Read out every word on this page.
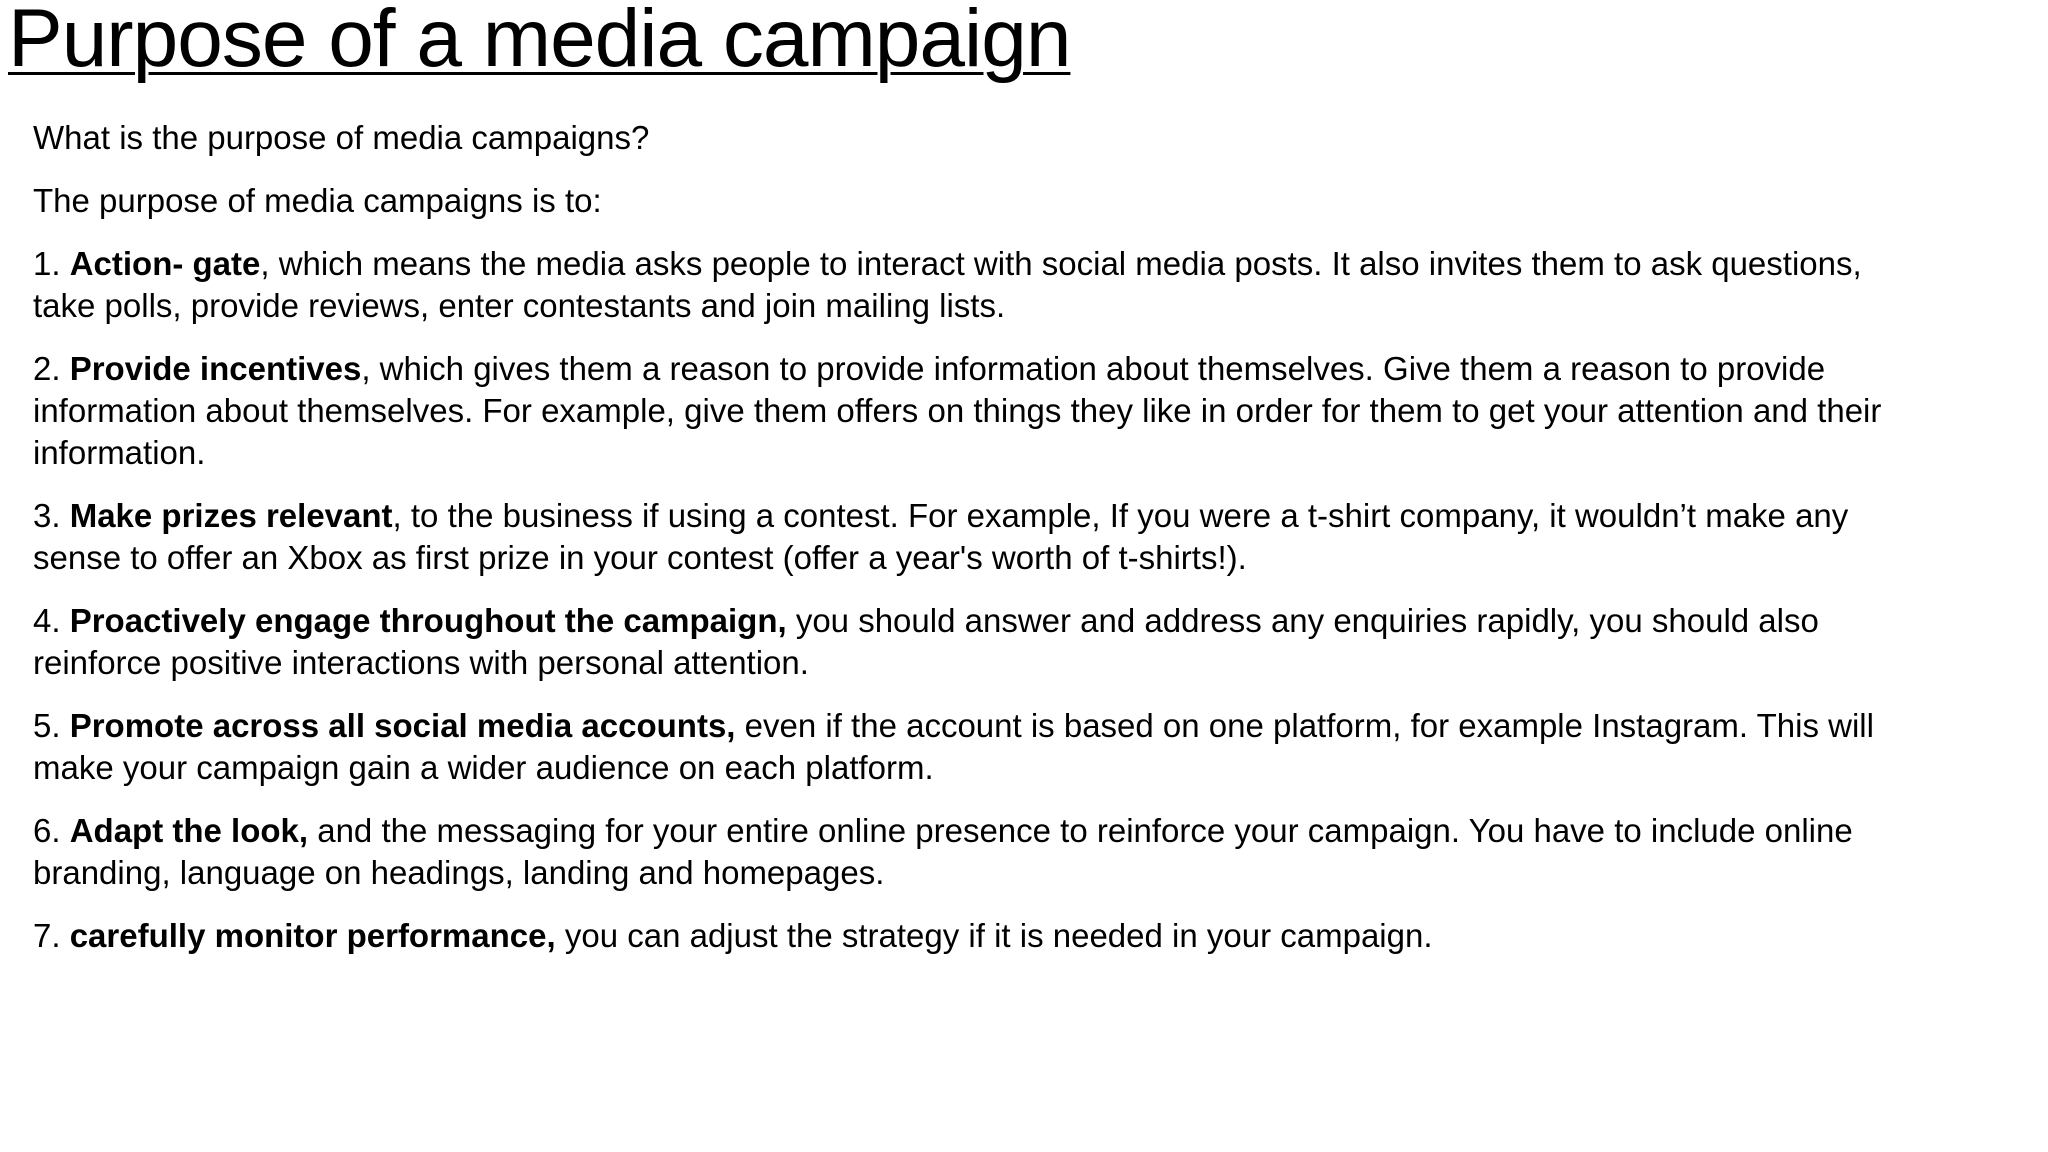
Purpose of a media campaign

What is the purpose of media campaigns?

The purpose of media campaigns is to:

1. Action- gate, which means the media asks people to interact with social media posts. It also invites them to ask questions, take polls, provide reviews, enter contestants and join mailing lists.

2. Provide incentives, which gives them a reason to provide information about themselves. Give them a reason to provide information about themselves. For example, give them offers on things they like in order for them to get your attention and their information.

3. Make prizes relevant, to the business if using a contest. For example, If you were a t-shirt company, it wouldn’t make any sense to offer an Xbox as first prize in your contest (offer a year's worth of t-shirts!).

4. Proactively engage throughout the campaign, you should answer and address any enquiries rapidly, you should also reinforce positive interactions with personal attention.

5. Promote across all social media accounts, even if the account is based on one platform, for example Instagram. This will make your campaign gain a wider audience on each platform.

6. Adapt the look, and the messaging for your entire online presence to reinforce your campaign. You have to include online branding, language on headings, landing and homepages.

7. carefully monitor performance, you can adjust the strategy if it is needed in your campaign.
